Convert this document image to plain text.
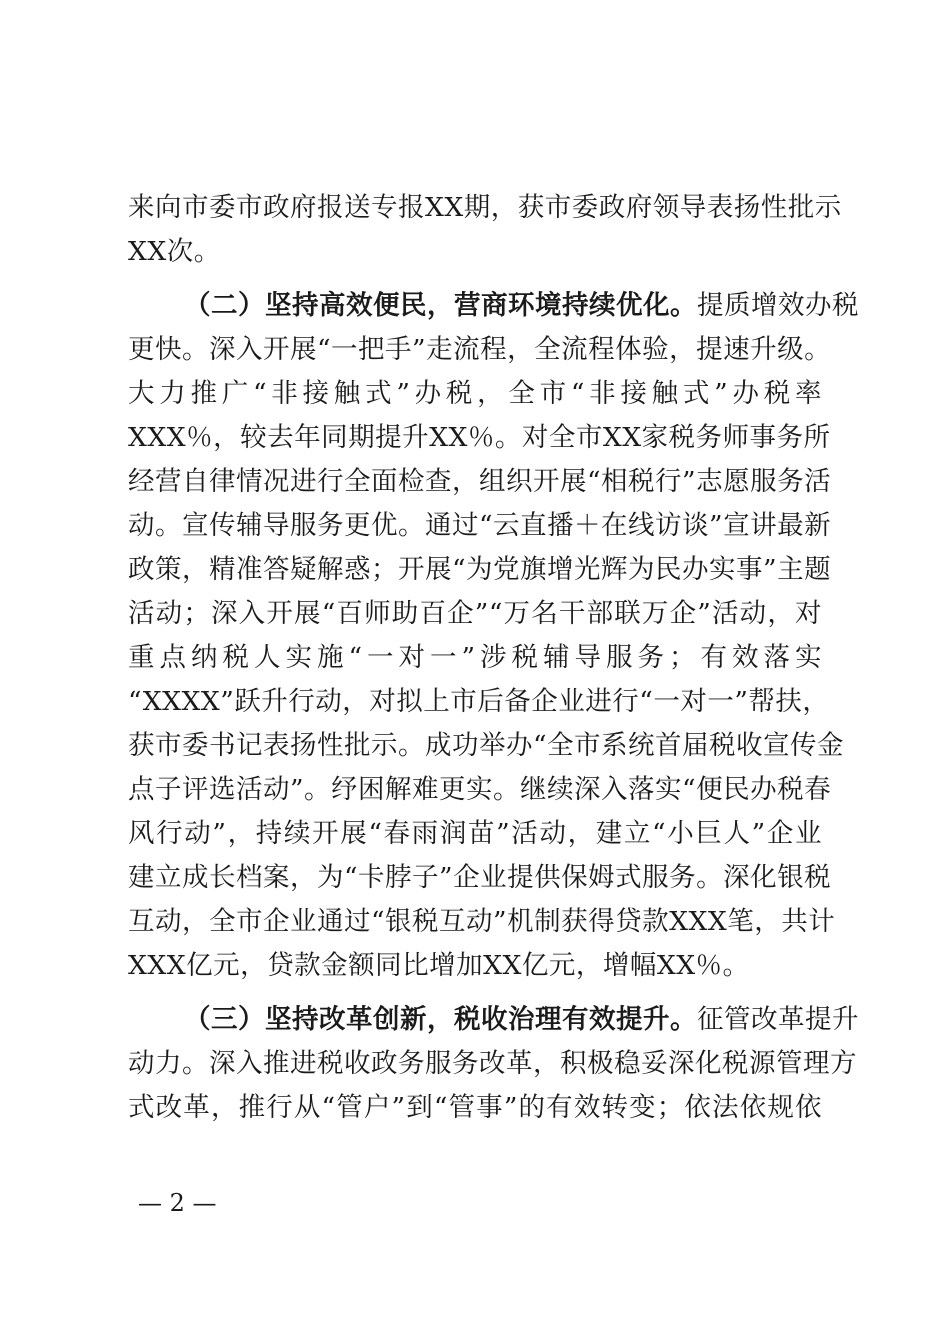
来向市委市政府报送专报XX期，获市委政府领导表扬性批示
XX次。
（二）坚持高效便民，营商环境持续优化。提质增效办税
更快。深入开展“一把手”走流程，全流程体验，提速升级。
大力推广“非接触式”办税，全市“非接触式”办税率
XXX％，较去年同期提升XX％。对全市XX家税务师事务所
经营自律情况进行全面检查，组织开展“相税行”志愿服务活
动。宣传辅导服务更优。通过“云直播＋在线访谈”宣讲最新
政策，精准答疑解惑；开展“为党旗增光辉为民办实事”主题
活动；深入开展“百师助百企”“万名干部联万企”活动，对
重点纳税人实施“一对一”涉税辅导服务；有效落实
“XXXX”跃升行动，对拟上市后备企业进行“一对一”帮扶，
获市委书记表扬性批示。成功举办“全市系统首届税收宣传金
点子评选活动”。纾困解难更实。继续深入落实“便民办税春
风行动”，持续开展“春雨润苗”活动，建立“小巨人”企业
建立成长档案，为“卡脖子”企业提供保姆式服务。深化银税
互动，全市企业通过“银税互动”机制获得贷款XXX笔，共计
XXX亿元，贷款金额同比增加XX亿元，增幅XX％。
（三）坚持改革创新，税收治理有效提升。征管改革提升
动力。深入推进税收政务服务改革，积极稳妥深化税源管理方
式改革，推行从“管户”到“管事”的有效转变；依法依规依
— 2 —
